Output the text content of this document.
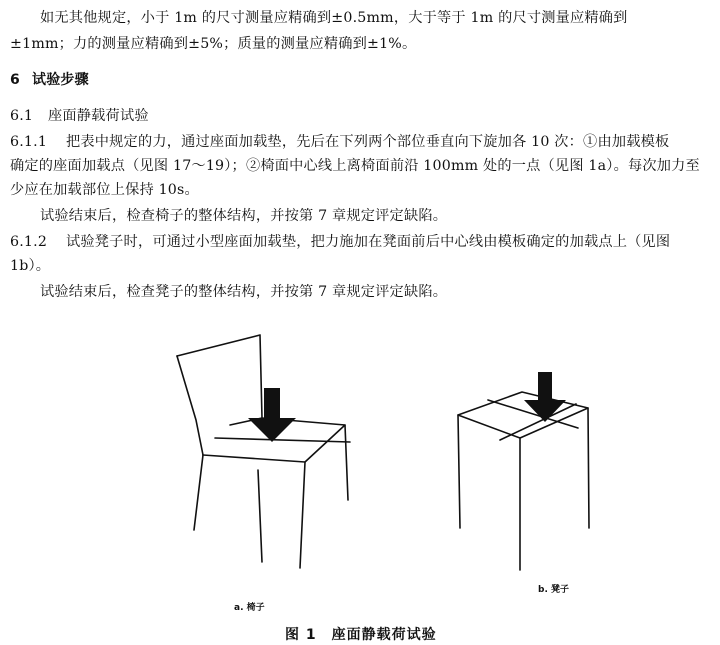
如无其他规定，小于 1m 的尺寸测量应精确到±0.5mm，大于等于 1m 的尺寸测量应精确到
±1mm；力的测量应精确到±5%；质量的测量应精确到±1%。
6 试验步骤
6.1 座面静载荷试验
6.1.1 把表中规定的力，通过座面加载垫，先后在下列两个部位垂直向下旋加各 10 次：①由加载模板
确定的座面加载点（见图 17～19）；②椅面中心线上离椅面前沿 100mm 处的一点（见图 1a）。每次加力至
少应在加载部位上保持 10s。
试验结束后，检查椅子的整体结构，并按第 7 章规定评定缺陷。
6.1.2 试验凳子时，可通过小型座面加载垫，把力施加在凳面前后中心线由模板确定的加载点上（见图
1b）。
试验结束后，检查凳子的整体结构，并按第 7 章规定评定缺陷。
b. 凳子
a. 椅子
图 1　座面静载荷试验
